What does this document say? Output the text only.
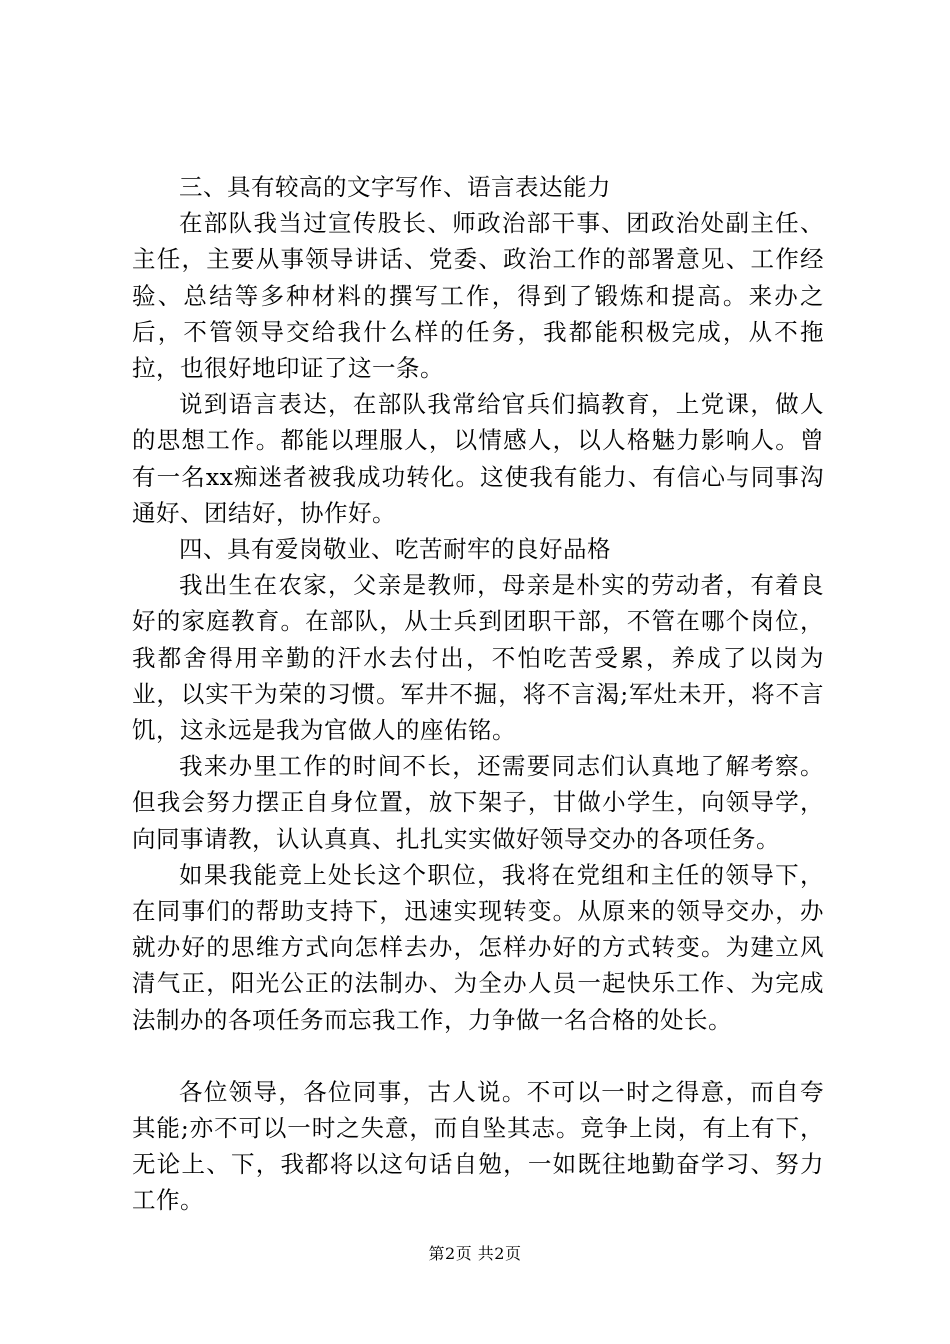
三、具有较高的文字写作、语言表达能力

在部队我当过宣传股长、师政治部干事、团政治处副主任、主任，主要从事领导讲话、党委、政治工作的部署意见、工作经验、总结等多种材料的撰写工作，得到了锻炼和提高。来办之后，不管领导交给我什么样的任务，我都能积极完成，从不拖拉，也很好地印证了这一条。

说到语言表达，在部队我常给官兵们搞教育，上党课，做人的思想工作。都能以理服人，以情感人，以人格魅力影响人。曾有一名xx痴迷者被我成功转化。这使我有能力、有信心与同事沟通好、团结好，协作好。

四、具有爱岗敬业、吃苦耐牢的良好品格

我出生在农家，父亲是教师，母亲是朴实的劳动者，有着良好的家庭教育。在部队，从士兵到团职干部，不管在哪个岗位，我都舍得用辛勤的汗水去付出，不怕吃苦受累，养成了以岗为业，以实干为荣的习惯。军井不掘，将不言渴;军灶未开，将不言饥，这永远是我为官做人的座佑铭。

我来办里工作的时间不长，还需要同志们认真地了解考察。但我会努力摆正自身位置，放下架子，甘做小学生，向领导学，向同事请教，认认真真、扎扎实实做好领导交办的各项任务。

如果我能竞上处长这个职位，我将在党组和主任的领导下，在同事们的帮助支持下，迅速实现转变。从原来的领导交办，办就办好的思维方式向怎样去办，怎样办好的方式转变。为建立风清气正，阳光公正的法制办、为全办人员一起快乐工作、为完成法制办的各项任务而忘我工作，力争做一名合格的处长。

各位领导，各位同事，古人说。不可以一时之得意，而自夸其能;亦不可以一时之失意，而自坠其志。竞争上岗，有上有下，无论上、下，我都将以这句话自勉，一如既往地勤奋学习、努力工作。

第2页 共2页
